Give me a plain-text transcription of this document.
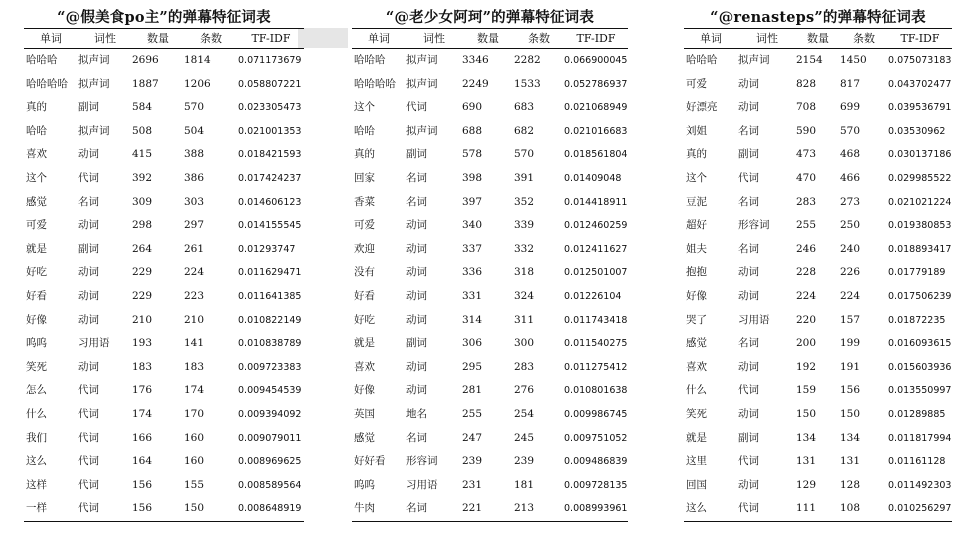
“@假美食po主”的弹幕特征词表
单词	词性	数量	条数	TF-IDF
哈哈哈	拟声词	2696	1814	0.071173679
哈哈哈哈	拟声词	1887	1206	0.058807221
真的	副词	584	570	0.023305473
哈哈	拟声词	508	504	0.021001353
喜欢	动词	415	388	0.018421593
这个	代词	392	386	0.017424237
感觉	名词	309	303	0.014606123
可爱	动词	298	297	0.014155545
就是	副词	264	261	0.01293747
好吃	动词	229	224	0.011629471
好看	动词	229	223	0.011641385
好像	动词	210	210	0.010822149
呜呜	习用语	193	141	0.010838789
笑死	动词	183	183	0.009723383
怎么	代词	176	174	0.009454539
什么	代词	174	170	0.009394092
我们	代词	166	160	0.009079011
这么	代词	164	160	0.008969625
这样	代词	156	155	0.008589564
一样	代词	156	150	0.008648919
“@老少女阿珂”的弹幕特征词表
单词	词性	数量	条数	TF-IDF
哈哈哈	拟声词	3346	2282	0.066900045
哈哈哈哈	拟声词	2249	1533	0.052786937
这个	代词	690	683	0.021068949
哈哈	拟声词	688	682	0.021016683
真的	副词	578	570	0.018561804
回家	名词	398	391	0.01409048
香菜	名词	397	352	0.014418911
可爱	动词	340	339	0.012460259
欢迎	动词	337	332	0.012411627
没有	动词	336	318	0.012501007
好看	动词	331	324	0.01226104
好吃	动词	314	311	0.011743418
就是	副词	306	300	0.011540275
喜欢	动词	295	283	0.011275412
好像	动词	281	276	0.010801638
英国	地名	255	254	0.009986745
感觉	名词	247	245	0.009751052
好好看	形容词	239	239	0.009486839
呜呜	习用语	231	181	0.009728135
牛肉	名词	221	213	0.008993961
“@renasteps”的弹幕特征词表
单词	词性	数量	条数	TF-IDF
哈哈哈	拟声词	2154	1450	0.075073183
可爱	动词	828	817	0.043702477
好漂亮	动词	708	699	0.039536791
刘姐	名词	590	570	0.03530962
真的	副词	473	468	0.030137186
这个	代词	470	466	0.029985522
豆泥	名词	283	273	0.021021224
超好	形容词	255	250	0.019380853
姐夫	名词	246	240	0.018893417
抱抱	动词	228	226	0.01779189
好像	动词	224	224	0.017506239
哭了	习用语	220	157	0.01872235
感觉	名词	200	199	0.016093615
喜欢	动词	192	191	0.015603936
什么	代词	159	156	0.013550997
笑死	动词	150	150	0.01289885
就是	副词	134	134	0.011817994
这里	代词	131	131	0.01161128
回国	动词	129	128	0.011492303
这么	代词	111	108	0.010256297
